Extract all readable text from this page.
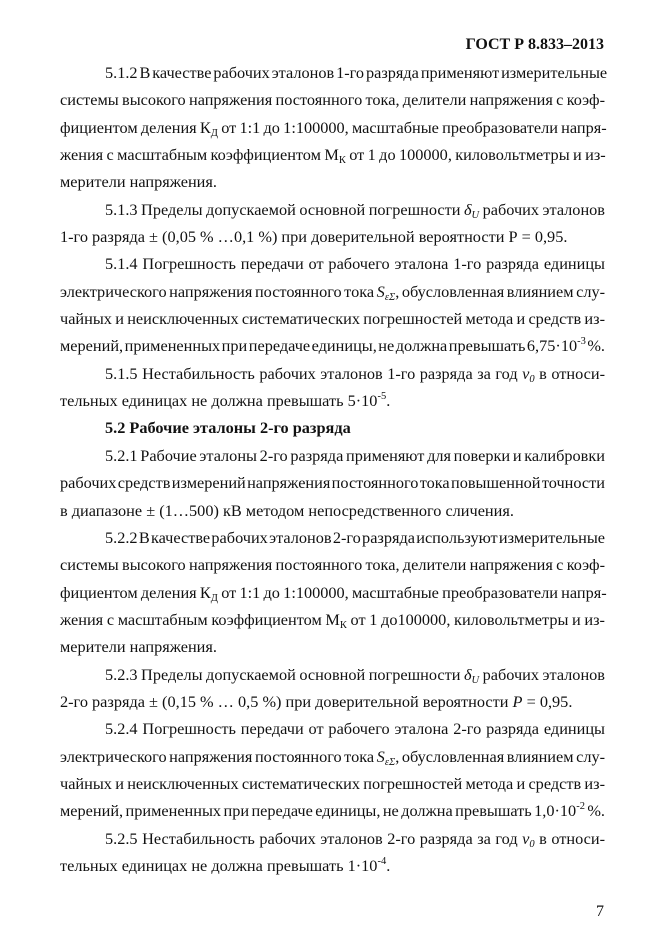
ГОСТ Р 8.833–2013
5.1.2 В качестве рабочих эталонов 1-го разряда применяют измерительные
системы высокого напряжения постоянного тока, делители напряжения с коэф-
фициентом деления $К_Д$ от 1:1 до 1:100000, масштабные преобразователи напря-
жения с масштабным коэффициентом $М_К$ от 1 до 100000, киловольтметры и из-
мерители напряжения.
5.1.3 Пределы допускаемой основной погрешности δU рабочих эталонов
1-го разряда ± (0,05 % …0,1 %) при доверительной вероятности Р = 0,95.
5.1.4 Погрешность передачи от рабочего эталона 1-го разряда единицы
электрического напряжения постоянного тока SεΣ, обусловленная влиянием слу-
чайных и неисключенных систематических погрешностей метода и средств из-
мерений, примененных при передаче единицы, не должна превышать $6,75\cdot 10^{-3}$ %.
5.1.5 Нестабильность рабочих эталонов 1-го разряда за год ν0 в относи-
тельных единицах не должна превышать $5\cdot 10^{-5}$.
5.2 Рабочие эталоны 2-го разряда
5.2.1 Рабочие эталоны 2-го разряда применяют для поверки и калибровки
рабочих средств измерений напряжения постоянного тока повышенной точности
в диапазоне ± (1…500) кВ методом непосредственного сличения.
5.2.2 В качестве рабочих эталонов 2-го разряда используют измерительные
системы высокого напряжения постоянного тока, делители напряжения с коэф-
фициентом деления $К_Д$ от 1:1 до 1:100000, масштабные преобразователи напря-
жения с масштабным коэффициентом $М_К$ от 1 до100000, киловольтметры и из-
мерители напряжения.
5.2.3 Пределы допускаемой основной погрешности δU рабочих эталонов
2-го разряда ± (0,15 % … 0,5 %) при доверительной вероятности P = 0,95.
5.2.4 Погрешность передачи от рабочего эталона 2-го разряда единицы
электрического напряжения постоянного тока SεΣ, обусловленная влиянием слу-
чайных и неисключенных систематических погрешностей метода и средств из-
мерений, примененных при передаче единицы, не должна превышать $1,0\cdot 10^{-2}$ %.
5.2.5 Нестабильность рабочих эталонов 2-го разряда за год ν0 в относи-
тельных единицах не должна превышать $1\cdot 10^{-4}$.
7
